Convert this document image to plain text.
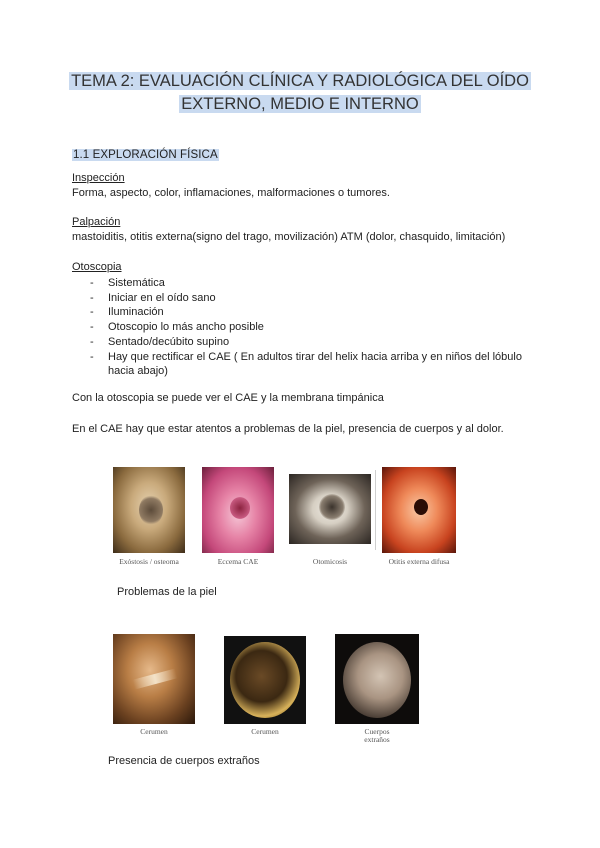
TEMA 2: EVALUACIÓN CLÍNICA Y RADIOLÓGICA DEL OÍDO
EXTERNO, MEDIO E INTERNO
1.1 EXPLORACIÓN FÍSICA
Inspección
Forma, aspecto, color, inflamaciones, malformaciones o tumores.
Palpación
mastoiditis, otitis externa(signo del trago, movilización) ATM (dolor, chasquido, limitación)
Otoscopia
- Sistemática
- Iniciar en el oído sano
- Iluminación
- Otoscopio lo más ancho posible
- Sentado/decúbito supino
- Hay que rectificar el CAE ( En adultos tirar del helix hacia arriba y en niños del lóbulo hacia abajo)
Con la otoscopia se puede ver el CAE y la membrana timpánica
En el CAE hay que estar atentos a problemas de la piel, presencia de cuerpos y al dolor.
Exóstosis / osteoma	Eccema CAE	Otomicosis	Otitis externa difusa
Problemas de la piel
Cerumen	Cerumen	Cuerpos extraños
Presencia de cuerpos extraños
